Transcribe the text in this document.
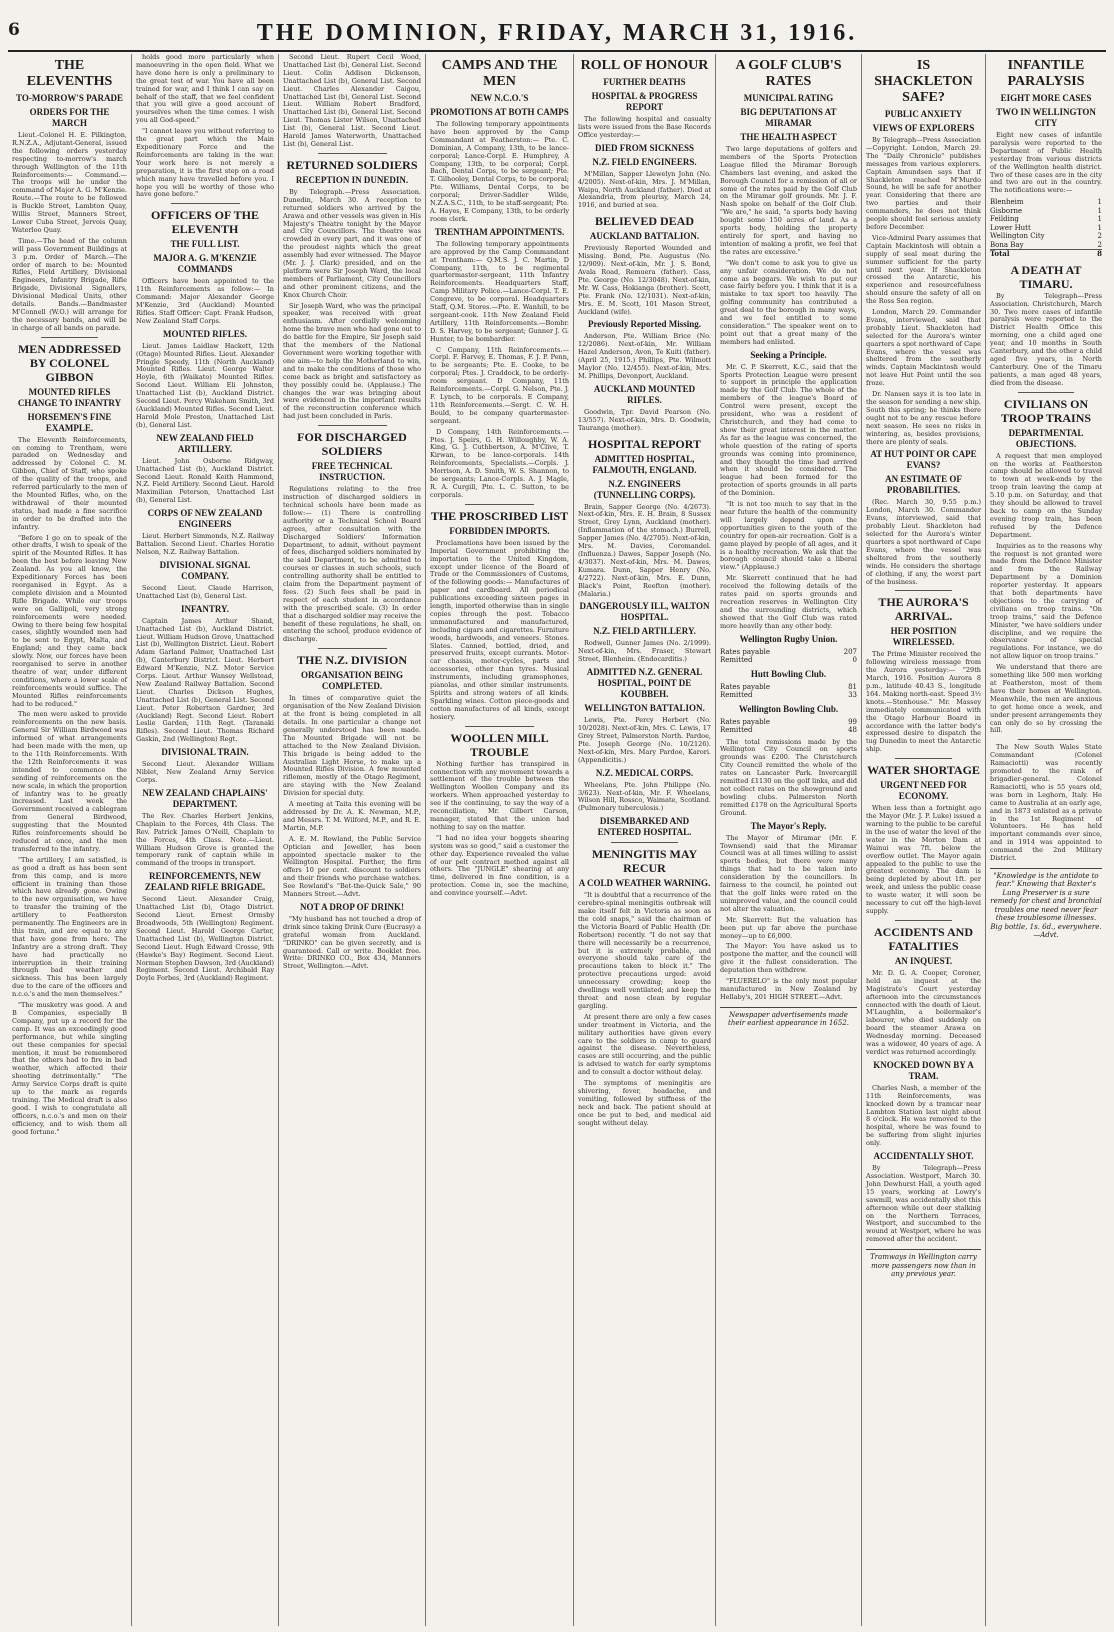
6	THE DOMINION, FRIDAY, MARCH 31, 1916.
THE ELEVENTHS
TO-MORROW'S PARADE
ORDERS FOR THE MARCH

Lieut.-Colonel H. E. Pilkington, R.N.Z.A., Adjutant-General, issued the following orders yesterday respecting to-morrow's march through Wellington of the 11th Reinforcements:— Command.—The troops will be under the command of Major A. G. M'Kenzie. Route.—The route to be followed is Buckle Street, Lambton Quay, Willis Street, Manners Street, Lower Cuba Street, Jervois Quay, Waterloo Quay.

Time.—The head of the column will pass Government Buildings at 3 p.m. Order of March.—The order of march to be: Mounted Rifles, Field Artillery, Divisional Engineers, Infantry Brigade, Rifle Brigade, Divisional Signallers, Divisional Medical Units, other details. Bands.—Bandmaster M'Connell (W.O.) will arrange for the necessary bands, and will be in charge of all bands on parade.

MEN ADDRESSED BY COLONEL GIBBON
MOUNTED RIFLES CHANGE TO INFANTRY
HORSEMEN'S FINE EXAMPLE.

The Eleventh Reinforcements, on coming to Trentham, were paraded on Wednesday and addressed by Colonel C. M. Gibbon, Chief of Staff, who spoke of the quality of the troops, and referred particularly to the men of the Mounted Rifles, who, on the withdrawal of their mounted status, had made a fine sacrifice in order to be drafted into the infantry.

"Before I go on to speak of the other drafts, I wish to speak of the spirit of the Mounted Rifles. It has been the best before leaving New Zealand. As you all know, the Expeditionary Forces has been reorganised in Egypt. As a complete division and a Mounted Rifle Brigade. While our troops were on Gallipoli, very strong reinforcements were needed. Owing to there being few hospital cases, slightly wounded men had to be sent to Egypt, Malta, and England; and they came back slowly. Now, our forces have been reorganised to serve in another theatre of war, under different conditions, where a lower scale of reinforcements would suffice. The Mounted Rifles reinforcements had to be reduced."

The men were asked to provide reinforcements on the new basis. General Sir William Birdwood was informed of what arrangements had been made with the men, up to the 11th Reinforcements. With the 12th Reinforcements it was intended to commence the sending of reinforcements on the new scale, in which the proportion of infantry was to be greatly increased. Last week the Government received a cablegram from General Birdwood, suggesting that the Mounted Rifles reinforcements should be reduced at once, and the men transferred to the infantry.

"The artillery, I am satisfied, is as good a draft as has been sent from this camp, and is more efficient in training than those which have already gone. Owing to the new organisation, we have to transfer the training of the artillery to Featherston permanently. The Engineers are in this train, and are equal to any that have gone from here. The Infantry are a strong draft. They have had practically no interruption in their training through bad weather and sickness. This has been largely due to the care of the officers and n.c.o.'s and the men themselves."

"The musketry was good. A and B Companies, especially B Company, put up a record for the camp. It was an exceedingly good performance, but while singling out these companies for special mention, it must be remembered that the others had to fire in bad weather, which affected their shooting detrimentally." "The Army Service Corps draft is quite up to the mark as regards training. The Medical draft is also good. I wish to congratulate all officers, n.c.o.'s and men on their efficiency, and to wish them all good fortune."

holds good more particularly when manoeuvring in the open field. What we have done here is only a preliminary to the great test of war. You have all been trained for war, and I think I can say on behalf of the staff, that we feel confident that you will give a good account of yourselves when the time comes. I wish you all God-speed."

"I cannot leave you without referring to the great part which the Main Expeditionary Force and the Reinforcements are taking in the war. Your work here is not merely a preparation, it is the first step on a road which many have travelled before you. I hope you will be worthy of those who have gone before."

OFFICERS OF THE ELEVENTH
THE FULL LIST.
MAJOR A. G. M'KENZIE COMMANDS

Officers have been appointed to the 11th Reinforcements as follow:— In Command: Major Alexander George M'Kenzie, 3rd (Auckland) Mounted Rifles. Staff Officer: Capt. Frank Hudson, New Zealand Staff Corps.

MOUNTED RIFLES.

Lieut. James Laidlaw Hackett, 12th (Otago) Mounted Rifles. Lieut. Alexander Pringle Speedy, 11th (North Auckland) Mounted Rifles. Lieut. George Walter Hoyle, 6th (Waikato) Mounted Rifles. Second Lieut. William Eli Johnston, Unattached List (b), Auckland District. Second Lieut. Percy Wakeham Smith, 3rd (Auckland) Mounted Rifles. Second Lieut. Harold Mole Preston, Unattached List (b), General List.

NEW ZEALAND FIELD ARTILLERY.

Lieut. John Osborne Ridgway, Unattached List (b), Auckland District. Second Lieut. Ronald Keith Hammond, N.Z. Field Artillery. Second Lieut. Harold Maximilian Peterson, Unattached List (b), General List.

CORPS OF NEW ZEALAND ENGINEERS

Lieut. Herbert Simmonds, N.Z. Railway Battalion. Second Lieut. Charles Horatio Nelson, N.Z. Railway Battalion.

DIVISIONAL SIGNAL COMPANY.

Second Lieut. Claude Harrison, Unattached List (b), General List.

INFANTRY.

Captain James Arthur Shand, Unattached List (b), Auckland District. Lieut. William Hudson Grove, Unattached List (b), Wellington District. Lieut. Robert Adam Garland Palmer, Unattached List (b), Canterbury District. Lieut. Herbert Edward M'Kenzie, N.Z. Motor Service Corps. Lieut. Arthur Wansey Wellstead, New Zealand Railway Battalion. Second Lieut. Charles Dickson Hughes, Unattached List (b), General List. Second Lieut. Peter Robertson Gardner, 3rd (Auckland) Regt. Second Lieut. Robert Leslie Garden, 11th Regt. (Taranaki Rifles). Second Lieut. Thomas Richard Gaskin, 2nd (Wellington) Regt.

DIVISIONAL TRAIN.

Second Lieut. Alexander William Niblet, New Zealand Army Service Corps.

NEW ZEALAND CHAPLAINS' DEPARTMENT.

The Rev. Charles Herbert Jenkins, Chaplain to the Forces, 4th Class. The Rev. Patrick James O'Neill, Chaplain to the Forces, 4th Class. Note.—Lieut. William Hudson Grove is granted the temporary rank of captain while in command of the troops in transport.

REINFORCEMENTS, NEW ZEALAND RIFLE BRIGADE.

Second Lieut. Alexander Craig, Unattached List (b), Otago District. Second Lieut. Ernest Ormsby Broadwoods, 5th (Wellington) Regiment. Second Lieut. Harold George Carter, Unattached List (b), Wellington District. Second Lieut. Hugh Edward Crosse, 9th (Hawke's Bay) Regiment. Second Lieut. Norman Stephen Dawson, 3rd (Auckland) Regiment. Second Lieut. Archibald Ray Doyle Forbes, 3rd (Auckland) Regiment.

Second Lieut. Rupert Cecil Wood, Unattached List (b), General List. Second Lieut. Colin Addison Dickenson, Unattached List (b), General List. Second Lieut. Charles Alexander Caigou, Unattached List (b), General List. Second Lieut. William Robert Bradford, Unattached List (b), General List. Second Lieut. Thomas Lister Wilson, Unattached List (b), General List. Second Lieut. Harold James Waterworth, Unattached List (b), General List.

RETURNED SOLDIERS
RECEPTION IN DUNEDIN.

By Telegraph.—Press Association. Dunedin, March 30. A reception to returned soldiers who arrived by the Arawa and other vessels was given in His Majesty's Theatre tonight by the Mayor and City Councillors. The theatre was crowded in every part, and it was one of the proudest nights which the great assembly had ever witnessed. The Mayor (Mr. J. J. Clark) presided, and on the platform were Sir Joseph Ward, the local members of Parliament, City Councillors and other prominent citizens, and the Knox Church Choir.

Sir Joseph Ward, who was the principal speaker, was received with great enthusiasm. After cordially welcoming home the brave men who had gone out to do battle for the Empire, Sir Joseph said that the members of the National Government were working together with one aim—to help the Motherland to win, and to make the conditions of those who come back as bright and satisfactory as they possibly could be. (Applause.) The changes the war was bringing about were evidenced in the important results of the reconstruction conference which had just been concluded in Paris.

FOR DISCHARGED SOLDIERS
FREE TECHNICAL INSTRUCTION.

Regulations relating to the free instruction of discharged soldiers in technical schools have been made as follow:— (1) There is controlling authority or a Technical School Board agrees, after consultation with the Discharged Soldiers' Information Department, to admit, without payment of fees, discharged soldiers nominated by the said Department, to be admitted to courses or classes in such schools, such controlling authority shall be entitled to claim from the Department payment of fees. (2) Such fees shall be paid in respect of each student in accordance with the prescribed scale. (3) In order that a discharged soldier may receive the benefit of these regulations, he shall, on entering the school, produce evidence of discharge.

THE N.Z. DIVISION
ORGANISATION BEING COMPLETED.

In times of comparative quiet the organisation of the New Zealand Division at the front is being completed in all details. In one particular a change not generally understood has been made. The Mounted Brigade will not be attached to the New Zealand Division. This brigade is being added to the Australian Light Horse, to make up a Mounted Rifles Division. A few mounted riflemen, mostly of the Otago Regiment, are staying with the New Zealand Division for special duty.

A meeting at Taita this evening will be addressed by Dr. A. K. Newman, M.P., and Messrs. T. M. Wilford, M.P., and R. E. Martin, M.P.

A. E. M. Rowland, the Public Service Optician and Jeweller, has been appointed spectacle maker to the Wellington Hospital. Further, the firm offers 10 per cent. discount to soldiers and their friends who purchase watches. See Rowland's "Bet-the-Quick Sale," 90 Manners Street.—Advt.

NOT A DROP OF DRINK!

"My husband has not touched a drop of drink since taking Drink Cure (Eucrasy) a grateful woman from Auckland. "DRINKO" can be given secretly, and is guaranteed. Call or write. Booklet free. Write: DRINKO CO., Box 434, Manners Street, Wellington.—Advt.

CAMPS AND THE MEN
NEW N.C.O.'S
PROMOTIONS AT BOTH CAMPS

The following temporary appointments have been approved by the Camp Commandant at Featherston:— Pte. C. Dominian, A Company, 13th, to be lance-corporal; Lance-Corpl. E. Humphrey, A Company, 13th, to be corporal; Corpl. Bach, Dental Corps, to be sergeant; Pte. T. Gilhooley, Dental Corps, to be corporal; Pte. Williams, Dental Corps, to be corporal; Driver-Saddler Wilde, N.Z.A.S.C., 11th, to be staff-sergeant; Pte. A. Hayes, E Company, 13th, to be orderly room clerk.

TRENTHAM APPOINTMENTS.

The following temporary appointments are approved by the Camp Commandant at Trentham:— Q.M.S. J. C. Martin, D Company, 11th, to be regimental quartermaster-sergeant, 11th Infantry Reinforcements. Headquarters Staff, Camp Military Police.—Lance-Corpl. T. E. Congreve, to be corporal. Headquarters Staff, Q.M. Stores.—Pte. E. Wanhill, to be sergeant-cook. 11th New Zealand Field Artillery, 11th Reinforcements.—Bombr. D. S. Harvey, to be sergeant; Gunner J. G. Hunter, to be bombardier.

C Company, 11th Reinforcements.—Corpl. F. Harvey, E. Thomas, F. J. P. Penn, to be sergeants; Pte. E. Cooke, to be corporal; Ptes. J. Craddock, to be orderly-room sergeant. D Company, 11th Reinforcements.—Corpl. G. Nelson, Pte. J. F. Lynch, to be corporals. E Company, 11th Reinforcements.—Sergt. C. W. H. Bould, to be company quartermaster-sergeant.

D Company, 14th Reinforcements.—Ptes. J. Speirs, G. H. Willoughby, W. A. King, G. J. Cuthbertson, A. M'Clive, T. Kirwan, to be lance-corporals. 14th Reinforcements, Specialists.—Corpls. J. Morrison, A. D. Smith, W. S. Shannon, to be sergeants; Lance-Corpls. A. J. Magle, R. A. Curgill, Pte. L. C. Sutton, to be corporals.

THE PROSCRIBED LIST
FORBIDDEN IMPORTS.

Proclamations have been issued by the Imperial Government prohibiting the importation to the United Kingdom, except under licence of the Board of Trade or the Commissioners of Customs, of the following goods:— Manufactures of paper and cardboard. All periodical publications exceeding sixteen pages in length, imported otherwise than in single copies through the post. Tobacco unmanufactured and manufactured, including cigars and cigarettes. Furniture woods, hardwoods, and veneers. Stones. Slates. Canned, bottled, dried, and preserved fruits, except currants. Motor-car chassis, motor-cycles, parts and accessories, other than tyres. Musical instruments, including gramophones, pianolas, and other similar instruments. Spirits and strong waters of all kinds. Sparkling wines. Cotton piece-goods and cotton manufactures of all kinds, except hosiery.

WOOLLEN MILL TROUBLE

Nothing further has transpired in connection with any movement towards a settlement of the trouble between the Wellington Woollen Company and its workers. When approached yesterday to see if the continuing, to say the way of a reconciliation, Mr. Gilbert Carson, manager, stated that the union had nothing to say on the matter.

"I had no idea your hoggets shearing system was so good," said a customer the other day. Experience revealed the value of our pelt contract method against all others. The "JUNGLE" shearing at any time, delivered in fine condition, is a protection. Come in, see the machine, and convince yourself.—Advt.

ROLL OF HONOUR
FURTHER DEATHS
HOSPITAL & PROGRESS REPORT

The following hospital and casualty lists were issued from the Base Records Office yesterday:—

DIED FROM SICKNESS
N.Z. FIELD ENGINEERS.

M'Millan, Sapper Llewelyn John (No. 4/2005). Next-of-kin, Mrs. J. M'Millan, Waipu, North Auckland (father). Died at Alexandria, from pleurisy, March 24, 1916, and buried at sea.

BELIEVED DEAD
AUCKLAND BATTALION.

Previously Reported Wounded and Missing. Bond, Pte. Augustus (No. 12/909). Next-of-kin, Mr. J. S. Bond, Avala Road, Remuera (father). Cass, Pte. George (No. 12/3048). Next-of-kin, Mr. W. Cass, Hokianga (brother). Scott, Pte. Frank (No. 12/1031). Next-of-kin, Mrs. E. M. Scott, 101 Mason Street, Auckland (wife).

Previously Reported Missing.

Anderson, Pte. William Brice (No. 12/2086). Next-of-kin, Mr. William Hazel Anderson, Avon, Te Kuiti (father). (April 25, 1915.) Phillips, Pte. Wilmott Maylor (No. 12/455). Next-of-kin, Mrs. M. Phillips, Devonport, Auckland.

AUCKLAND MOUNTED RIFLES.

Goodwin, Tpr. David Pearson (No. 13/557). Next-of-kin, Mrs. D. Goodwin, Tauranga (mother).

HOSPITAL REPORT
ADMITTED HOSPITAL, FALMOUTH, ENGLAND.
N.Z. ENGINEERS (TUNNELLING CORPS).

Brain, Sapper George (No. 4/2673). Next-of-kin, Mrs. E. H. Brain, 8 Sussex Street, Grey Lynn, Auckland (mother). (Inflammation of the stomach.) Burrell, Sapper James (No. 4/2705). Next-of-kin, Mrs. M. Davies, Coromandel. (Influenza.) Dawes, Sapper Joseph (No. 4/3037). Next-of-kin, Mrs. M. Dawes, Kumara. Dunn, Sapper Henry (No. 4/2722). Next-of-kin, Mrs. E. Dunn, Black's Point, Reefton (mother). (Malaria.)

DANGEROUSLY ILL, WALTON HOSPITAL.
N.Z. FIELD ARTILLERY.

Rodwell, Gunner James (No. 2/1999). Next-of-kin, Mrs. Fraser, Stewart Street, Blenheim. (Endocarditis.)

ADMITTED N.Z. GENERAL HOSPITAL, POINT DE KOUBBEH.
WELLINGTON BATTALION.

Lewis, Pte. Percy Herbert (No. 10/2028). Next-of-kin, Mrs. C. Lewis, 17 Grey Street, Palmerston North. Pardoe, Pte. Joseph George (No. 10/2126). Next-of-kin, Mrs. Mary Pardoe, Karori. (Appendicitis.)

N.Z. MEDICAL CORPS.

Wheelans, Pte. John Philippe (No. 3/623). Next-of-kin, Mr. F. Wheelans, Wilson Hill, Rossco, Waimate, Scotland. (Pulmonary tuberculosis.)

DISEMBARKED AND ENTERED HOSPITAL.
MENINGITIS MAY RECUR
A COLD WEATHER WARNING.

"It is doubtful that a recurrence of the cerebro-spinal meningitis outbreak will make itself felt in Victoria as soon as the cold snaps," said the chairman of the Victoria Board of Public Health (Dr. Robertson) recently. "I do not say that there will necessarily be a recurrence, but it is extremely probable, and everyone should take care of the precautions taken to block it." The protective precautions urged: avoid unnecessary crowding; keep the dwellings well ventilated; and keep the throat and nose clean by regular gargling.

At present there are only a few cases under treatment in Victoria, and the military authorities have given every care to the soldiers in camp to guard against the disease. Nevertheless, cases are still occurring, and the public is advised to watch for early symptoms and to consult a doctor without delay.

The symptoms of meningitis are shivering, fever, headache, and vomiting, followed by stiffness of the neck and back. The patient should at once be put to bed, and medical aid sought without delay.

A GOLF CLUB'S RATES
MUNICIPAL RATING
BIG DEPUTATIONS AT MIRAMAR
THE HEALTH ASPECT

Two large deputations of golfers and members of the Sports Protection League filled the Miramar Borough Chambers last evening, and asked the Borough Council for a remission of all or some of the rates paid by the Golf Club on the Miramar golf grounds. Mr. J. F. Nash spoke on behalf of the Golf Club. "We are," he said, "a sports body having bought some 150 acres of land. As a sports body, holding the property entirely for sport, and having no intention of making a profit, we feel that the rates are excessive."

"We don't come to ask you to give us any unfair consideration. We do not come as beggars. We wish to put our case fairly before you. I think that it is a mistake to tax sport too heavily. The golfing community has contributed a great deal to the borough in many ways, and we feel entitled to some consideration." The speaker went on to point out that a great many of the members had enlisted.

Seeking a Principle.

Mr. C. P. Skerrett, K.C., said that the Sports Protection League were present to support in principle the application made by the Golf Club. The whole of the members of the league's Board of Control were present, except the president, who was a resident of Christchurch, and they had come to show their great interest in the matter. As far as the league was concerned, the whole question of the rating of sports grounds was coming into prominence, and they thought the time had arrived when it should be considered. The league had been formed for the protection of sports grounds in all parts of the Dominion.

"It is not too much to say that in the near future the health of the community will largely depend upon the opportunities given to the youth of the country for open-air recreation. Golf is a game played by people of all ages, and it is a healthy recreation. We ask that the borough council should take a liberal view." (Applause.)

Mr. Skerrett continued that he had received the following details of the rates paid on sports grounds and recreation reserves in Wellington City and the surrounding districts, which showed that the Golf Club was rated more heavily than any other body.

Wellington Rugby Union.
Rates payable	207
Remitted	0
Hutt Bowling Club.
Rates payable	81
Remitted	33
Wellington Bowling Club.
Rates payable	99
Remitted	48

The total remissions made by the Wellington City Council on sports grounds was £200. The Christchurch City Council remitted the whole of the rates on Lancaster Park. Invercargill remitted £1130 on the golf links, and did not collect rates on the showground and bowling clubs. Palmerston North remitted £178 on the Agricultural Sports Ground.

The Mayor's Reply.

The Mayor of Miramar (Mr. F. Townsend) said that the Miramar Council was at all times willing to assist sports bodies, but there were many things that had to be taken into consideration by the councillors. In fairness to the council, he pointed out that the golf links were rated on the unimproved value, and the council could not alter the valuation.

Mr. Skerrett: But the valuation has been put up far above the purchase money—up to £6,000.

The Mayor: You have asked us to postpone the matter, and the council will give it the fullest consideration. The deputation then withdrew.

"FLUERELO" is the only most popular manufactured in New Zealand by Hellaby's, 201 HIGH STREET.—Advt.

Newspaper advertisements made their earliest appearance in 1652.
IS SHACKLETON SAFE?
PUBLIC ANXIETY
VIEWS OF EXPLORERS

By Telegraph—Press Association—Copyright. London, March 29. The "Daily Chronicle" publishes messages from various explorers. Captain Amundsen says that if Shackleton reached M'Murdo Sound, he will be safe for another year. Considering that there are two parties and their commanders, he does not think people should feel serious anxiety before December.

Vice-Admiral Peary assumes that Captain Mackintosh will obtain a supply of seal meat during the summer sufficient for the party until next year. If Shackleton crossed the Antarctic, his experience and resourcefulness should ensure the safety of all on the Ross Sea region.

London, March 29. Commander Evans, interviewed, said that probably Lieut. Shackleton had selected for the Aurora's winter quarters a spot northward of Cape Evans, where the vessel was sheltered from the southerly winds. Captain Mackintosh would not leave Hut Point until the sea froze.

Dr. Nansen says it is too late in the season for sending a new ship. South this spring; he thinks there ought not to be any rescue before next season. He sees no risks in wintering, as, besides provisions, there are plenty of seals.

AT HUT POINT OR CAPE EVANS?
AN ESTIMATE OF PROBABILITIES.

(Rec. March 30, 9.55 p.m.) London, March 30. Commander Evans, interviewed, said that probably Lieut. Shackleton had selected for the Aurora's winter quarters a spot northward of Cape Evans, where the vessel was sheltered from the southerly winds. He considers the shortage of clothing, if any, the worst part of the business.

THE AURORA'S ARRIVAL.
HER POSITION WIRELESSED.

The Prime Minister received the following wireless message from the Aurora yesterday:— "29th March, 1916. Position Aurora 8 p.m., latitude 40.43 S., longitude 164. Making north-east. Speed 3½ knots.—Stenhouse." Mr. Massey immediately communicated with the Otago Harbour Board in accordance with the latter body's expressed desire to dispatch the tug Dunedin to meet the Antarctic ship.

WATER SHORTAGE
URGENT NEED FOR ECONOMY.

When less than a fortnight ago the Mayor (Mr. J. P. Luke) issued a warning to the public to be careful in the use of water the level of the water in the Morton Dam at Wainui was 7ft. below the overflow outlet. The Mayor again appealed to the public to use the greatest economy. The dam is being depleted by about 1ft. per week, and unless the public cease to waste water, it will soon be necessary to cut off the high-level supply.

ACCIDENTS AND FATALITIES
AN INQUEST.

Mr. D. G. A. Cooper, Coroner, held an inquest at the Magistrate's Court yesterday afternoon into the circumstances connected with the death of Lieut. M'Laughlin, a boilermaker's labourer, who died suddenly on board the steamer Arawa on Wednesday morning. Deceased was a widower, 40 years of age. A verdict was returned accordingly.

KNOCKED DOWN BY A TRAM.

Charles Nash, a member of the 11th Reinforcements, was knocked down by a tramcar near Lambton Station last night about 8 o'clock. He was removed to the hospital, where he was found to be suffering from slight injuries only.

ACCIDENTALLY SHOT.

By Telegraph—Press Association. Westport, March 30. John Dewhurst Hall, a youth aged 15 years, working at Lowry's sawmill, was accidentally shot this afternoon while out deer stalking on the Northern Terraces, Westport, and succumbed to the wound at Westport, where he was removed after the accident.

Tramways in Wellington carry more passengers now than in any previous year.
INFANTILE PARALYSIS
EIGHT MORE CASES
TWO IN WELLINGTON CITY

Eight new cases of infantile paralysis were reported to the Department of Public Health yesterday from various districts of the Wellington health district. Two of these cases are in the city and two are out in the country. The notifications were:—

Blenheim	1
Gisborne	1
Feilding	1
Lower Hutt	1
Wellington City	2
Bona Bay	2
Total	8
A DEATH AT TIMARU.

By Telegraph—Press Association. Christchurch, March 30. Two more cases of infantile paralysis were reported to the District Health Office this morning, one a child aged one year, and 10 months in South Canterbury, and the other a child aged five years, in North Canterbury. One of the Timaru patients, a man aged 48 years, died from the disease.

CIVILIANS ON TROOP TRAINS
DEPARTMENTAL OBJECTIONS.

A request that men employed on the works at Featherston camp should be allowed to travel to town at week-ends by the troop train leaving the camp at 5.10 p.m. on Saturday, and that they should be allowed to travel back to camp on the Sunday evening troop train, has been refused by the Defence Department.

Inquiries as to the reasons why the request is not granted were made from the Defence Minister and from the Railway Department by a Dominion reporter yesterday. It appears that both departments have objections to the carrying of civilians on troop trains. "On troop trains," said the Defence Minister, "we have soldiers under discipline, and we require the observance of special regulations. For instance, we do not allow liquor on troop trains."

We understand that there are something like 500 men working at Featherston, most of them have their homes at Wellington. Meanwhile, the men are anxious to get home once a week, and under present arrangements they can only do so by crossing the hill.

The New South Wales State Commandant (Colonel Ramaciotti) was recently promoted to the rank of brigadier-general. Colonel Ramaciotti, who is 55 years old, was born in Leghorn, Italy. He came to Australia at an early age, and in 1873 enlisted as a private in the 1st Regiment of Volunteers. He has held important commands ever since, and in 1914 was appointed to command the 2nd Military District.

"Knowledge is the antidote to fear." Knowing that Baxter's Lung Preserver is a sure remedy for chest and bronchial troubles one need never fear these troublesome illnesses. Big bottle, 1s. 6d., everywhere.—Advt.
